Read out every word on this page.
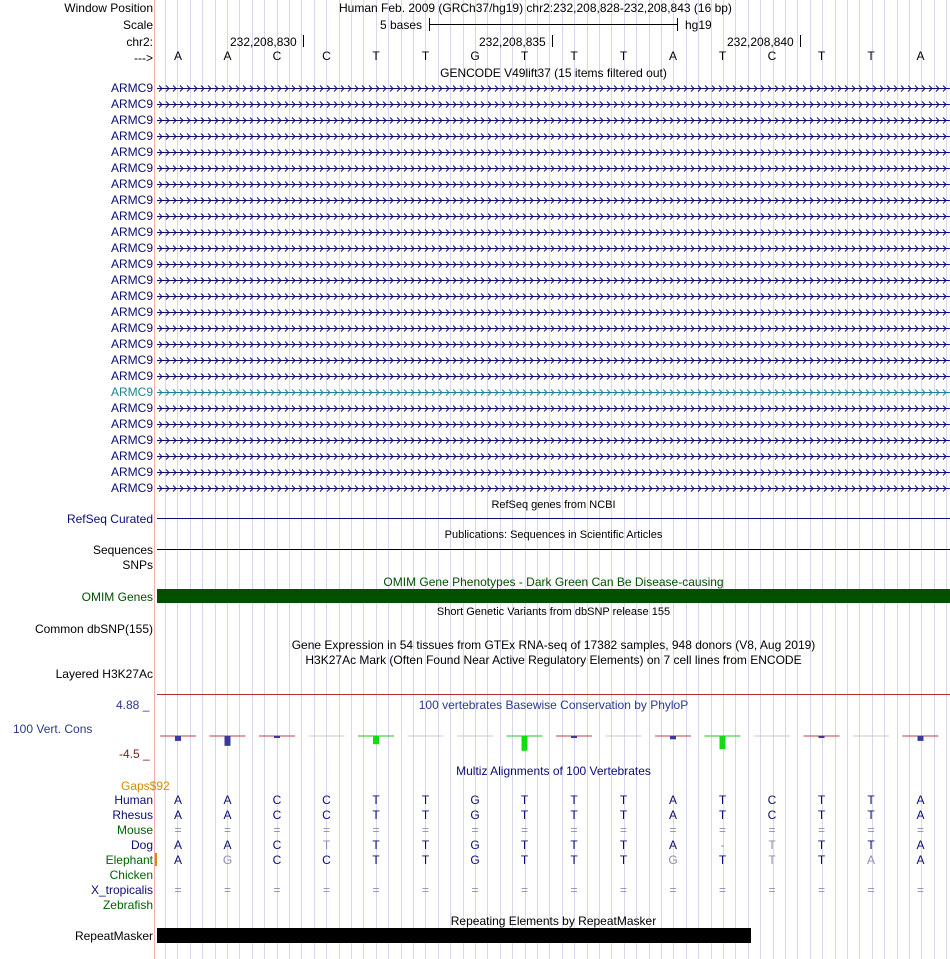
Window Position	Human Feb. 2009 (GRCh37/hg19) chr2:232,208,828-232,208,843 (16 bp)
Scale	5 bases	hg19
chr2:	232,208,830	232,208,835	232,208,840
--->	A	A	C	C	T	T	G	T	T	T	A	T	C	T	T	A
GENCODE V49lift37 (15 items filtered out)
ARMC9
ARMC9
ARMC9
ARMC9
ARMC9
ARMC9
ARMC9
ARMC9
ARMC9
ARMC9
ARMC9
ARMC9
ARMC9
ARMC9
ARMC9
ARMC9
ARMC9
ARMC9
ARMC9
ARMC9
ARMC9
ARMC9
ARMC9
ARMC9
ARMC9
ARMC9
RefSeq genes from NCBI
RefSeq Curated
Publications: Sequences in Scientific Articles
Sequences
SNPs
OMIM Gene Phenotypes - Dark Green Can Be Disease-causing
OMIM Genes
Short Genetic Variants from dbSNP release 155
Common dbSNP(155)
Gene Expression in 54 tissues from GTEx RNA-seq of 17382 samples, 948 donors (V8, Aug 2019)
H3K27Ac Mark (Often Found Near Active Regulatory Elements) on 7 cell lines from ENCODE
Layered H3K27Ac
4.88 _	100 vertebrates Basewise Conservation by PhyloP
100 Vert. Cons
-4.5 _
Multiz Alignments of 100 Vertebrates
Gaps$92
Human	A	A	C	C	T	T	G	T	T	T	A	T	C	T	T	A
Rhesus	A	A	C	C	T	T	G	T	T	T	A	T	C	T	T	A
Mouse	=	=	=	=	=	=	=	=	=	=	=	=	=	=	=	=
Dog	A	A	C	T	T	T	G	T	T	T	A	-	T	T	T	A
Elephant	A	G	C	C	T	T	G	T	T	T	G	T	T	T	A	A
Chicken
X_tropicalis	=	=	=	=	=	=	=	=	=	=	=	=	=	=	=	=
Zebrafish
Repeating Elements by RepeatMasker
RepeatMasker
